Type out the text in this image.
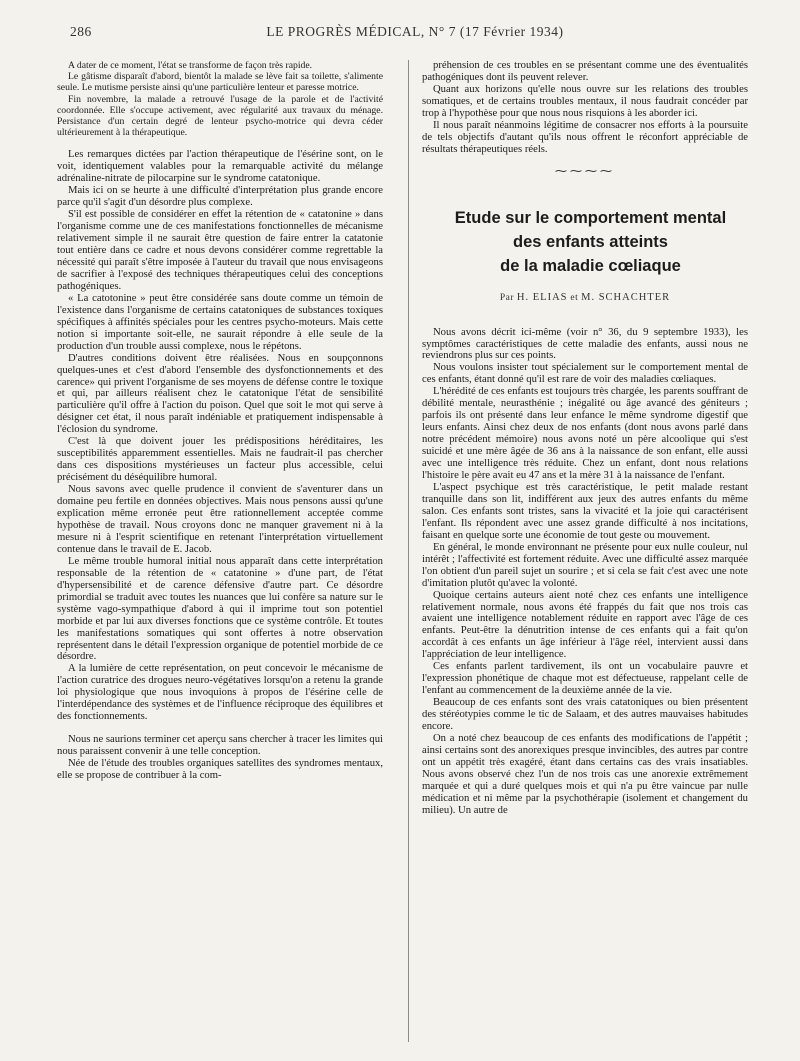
286	LE PROGRÈS MÉDICAL, N° 7 (17 Février 1934)

A dater de ce moment, l'état se transforme de façon très rapide.

Le gâtisme disparaît d'abord, bientôt la malade se lève fait sa toilette, s'alimente seule. Le mutisme persiste ainsi qu'une particulière lenteur et paresse motrice.

Fin novembre, la malade a retrouvé l'usage de la parole et de l'activité coordonnée. Elle s'occupe activement, avec régularité aux travaux du ménage. Persistance d'un certain degré de lenteur psycho-motrice qui devra céder ultérieurement à la thérapeutique.

Les remarques dictées par l'action thérapeutique de l'ésérine sont, on le voit, identiquement valables pour la remarquable activité du mélange adrénaline-nitrate de pilocarpine sur le syndrome catatonique.

Mais ici on se heurte à une difficulté d'interprétation plus grande encore parce qu'il s'agit d'un désordre plus complexe.

S'il est possible de considérer en effet la rétention de « catatonine » dans l'organisme comme une de ces manifestations fonctionnelles de mécanisme relativement simple il ne saurait être question de faire entrer la catatonie tout entière dans ce cadre et nous devons considérer comme regrettable la nécessité qui paraît s'être imposée à l'auteur du travail que nous envisageons de sacrifier à l'exposé des techniques thérapeutiques celui des conceptions pathogéniques.

« La catotonine » peut être considérée sans doute comme un témoin de l'existence dans l'organisme de certains catatoniques de substances toxiques spécifiques à affinités spéciales pour les centres psycho-moteurs. Mais cette notion si importante soit-elle, ne saurait répondre à elle seule de la production d'un trouble aussi complexe, nous le répétons.

D'autres conditions doivent être réalisées. Nous en soupçonnons quelques-unes et c'est d'abord l'ensemble des dysfonctionnements et des carence» qui privent l'organisme de ses moyens de défense contre le toxique et qui, par ailleurs réalisent chez le catatonique l'état de sensibilité particulière qu'il offre à l'action du poison. Quel que soit le mot qui serve à désigner cet état, il nous paraît indéniable et pratiquement indispensable à l'éclosion du syndrome.

C'est là que doivent jouer les prédispositions héréditaires, les susceptibilités apparemment essentielles. Mais ne faudrait-il pas chercher dans ces dispositions mystérieuses un facteur plus accessible, celui précisément du déséquilibre humoral.

Nous savons avec quelle prudence il convient de s'aventurer dans un domaine peu fertile en données objectives. Mais nous pensons aussi qu'une explication même erronée peut être rationnellement acceptée comme hypothèse de travail. Nous croyons donc ne manquer gravement ni à la mesure ni à l'esprit scientifique en retenant l'interprétation virtuellement contenue dans le travail de E. Jacob.

Le même trouble humoral initial nous apparaît dans cette interprétation responsable de la rétention de « catatonine » d'une part, de l'état d'hypersensibilité et de carence défensive d'autre part. Ce désordre primordial se traduit avec toutes les nuances que lui confère sa nature sur le système vago-sympathique d'abord à qui il imprime tout son potentiel morbide et par lui aux diverses fonctions que ce système contrôle. Et toutes les manifestations somatiques qui sont offertes à notre observation représentent dans le détail l'expression organique de potentiel morbide de ce désordre.

A la lumière de cette représentation, on peut concevoir le mécanisme de l'action curatrice des drogues neuro-végétatives lorsqu'on a retenu la grande loi physiologique que nous invoquions à propos de l'ésérine celle de l'interdépendance des systèmes et de l'influence réciproque des équilibres et des fonctionnements.

Nous ne saurions terminer cet aperçu sans chercher à tracer les limites qui nous paraissent convenir à une telle conception.

Née de l'étude des troubles organiques satellites des syndromes mentaux, elle se propose de contribuer à la com-

préhension de ces troubles en se présentant comme une des éventualités pathogéniques dont ils peuvent relever.

Quant aux horizons qu'elle nous ouvre sur les relations des troubles somatiques, et de certains troubles mentaux, il nous faudrait concéder par trop à l'hypothèse pour que nous nous risquions à les aborder ici.

Il nous paraît néanmoins légitime de consacrer nos efforts à la poursuite de tels objectifs d'autant qu'ils nous offrent le réconfort appréciable de résultats thérapeutiques réels.

⁓⁓⁓⁓

Etude sur le comportement mental

des enfants atteints

de la maladie cœliaque

Par H. ELIAS et M. SCHACHTER

Nous avons décrit ici-même (voir n° 36, du 9 septembre 1933), les symptômes caractéristiques de cette maladie des enfants, aussi nous ne reviendrons plus sur ces points.

Nous voulons insister tout spécialement sur le comportement mental de ces enfants, étant donné qu'il est rare de voir des maladies cœliaques.

L'hérédité de ces enfants est toujours très chargée, les parents souffrant de débilité mentale, neurasthénie ; inégalité ou âge avancé des géniteurs ; parfois ils ont présenté dans leur enfance le même syndrome digestif que leurs enfants. Ainsi chez deux de nos enfants (dont nous avons parlé dans notre précédent mémoire) nous avons noté un père alcoolique qui s'est suicidé et une mère âgée de 36 ans à la naissance de son enfant, elle aussi avec une intelligence très réduite. Chez un enfant, dont nous relations l'histoire le père avait eu 47 ans et la mère 31 à la naissance de l'enfant.

L'aspect psychique est très caractéristique, le petit malade restant tranquille dans son lit, indifférent aux jeux des autres enfants du même salon. Ces enfants sont tristes, sans la vivacité et la joie qui caractérisent l'enfant. Ils répondent avec une assez grande difficulté à nos incitations, faisant en quelque sorte une économie de tout geste ou mouvement.

En général, le monde environnant ne présente pour eux nulle couleur, nul intérêt ; l'affectivité est fortement réduite. Avec une difficulté assez marquée l'on obtient d'un pareil sujet un sourire ; et si cela se fait c'est avec une note d'imitation plutôt qu'avec la volonté.

Quoique certains auteurs aient noté chez ces enfants une intelligence relativement normale, nous avons été frappés du fait que nos trois cas avaient une intelligence notablement réduite en rapport avec l'âge de ces enfants. Peut-être la dénutrition intense de ces enfants qui a fait qu'on accordât à ces enfants un âge inférieur à l'âge réel, intervient aussi dans l'appréciation de leur intelligence.

Ces enfants parlent tardivement, ils ont un vocabulaire pauvre et l'expression phonétique de chaque mot est défectueuse, rappelant celle de l'enfant au commencement de la deuxième année de la vie.

Beaucoup de ces enfants sont des vrais catatoniques ou bien présentent des stéréotypies comme le tic de Salaam, et des autres mauvaises habitudes encore.

On a noté chez beaucoup de ces enfants des modifications de l'appétit ; ainsi certains sont des anorexiques presque invincibles, des autres par contre ont un appétit très exagéré, étant dans certains cas des vrais insatiables. Nous avons observé chez l'un de nos trois cas une anorexie extrêmement marquée et qui a duré quelques mois et qui n'a pu être vaincue par nulle médication et ni même par la psychothérapie (isolement et changement du milieu). Un autre de
